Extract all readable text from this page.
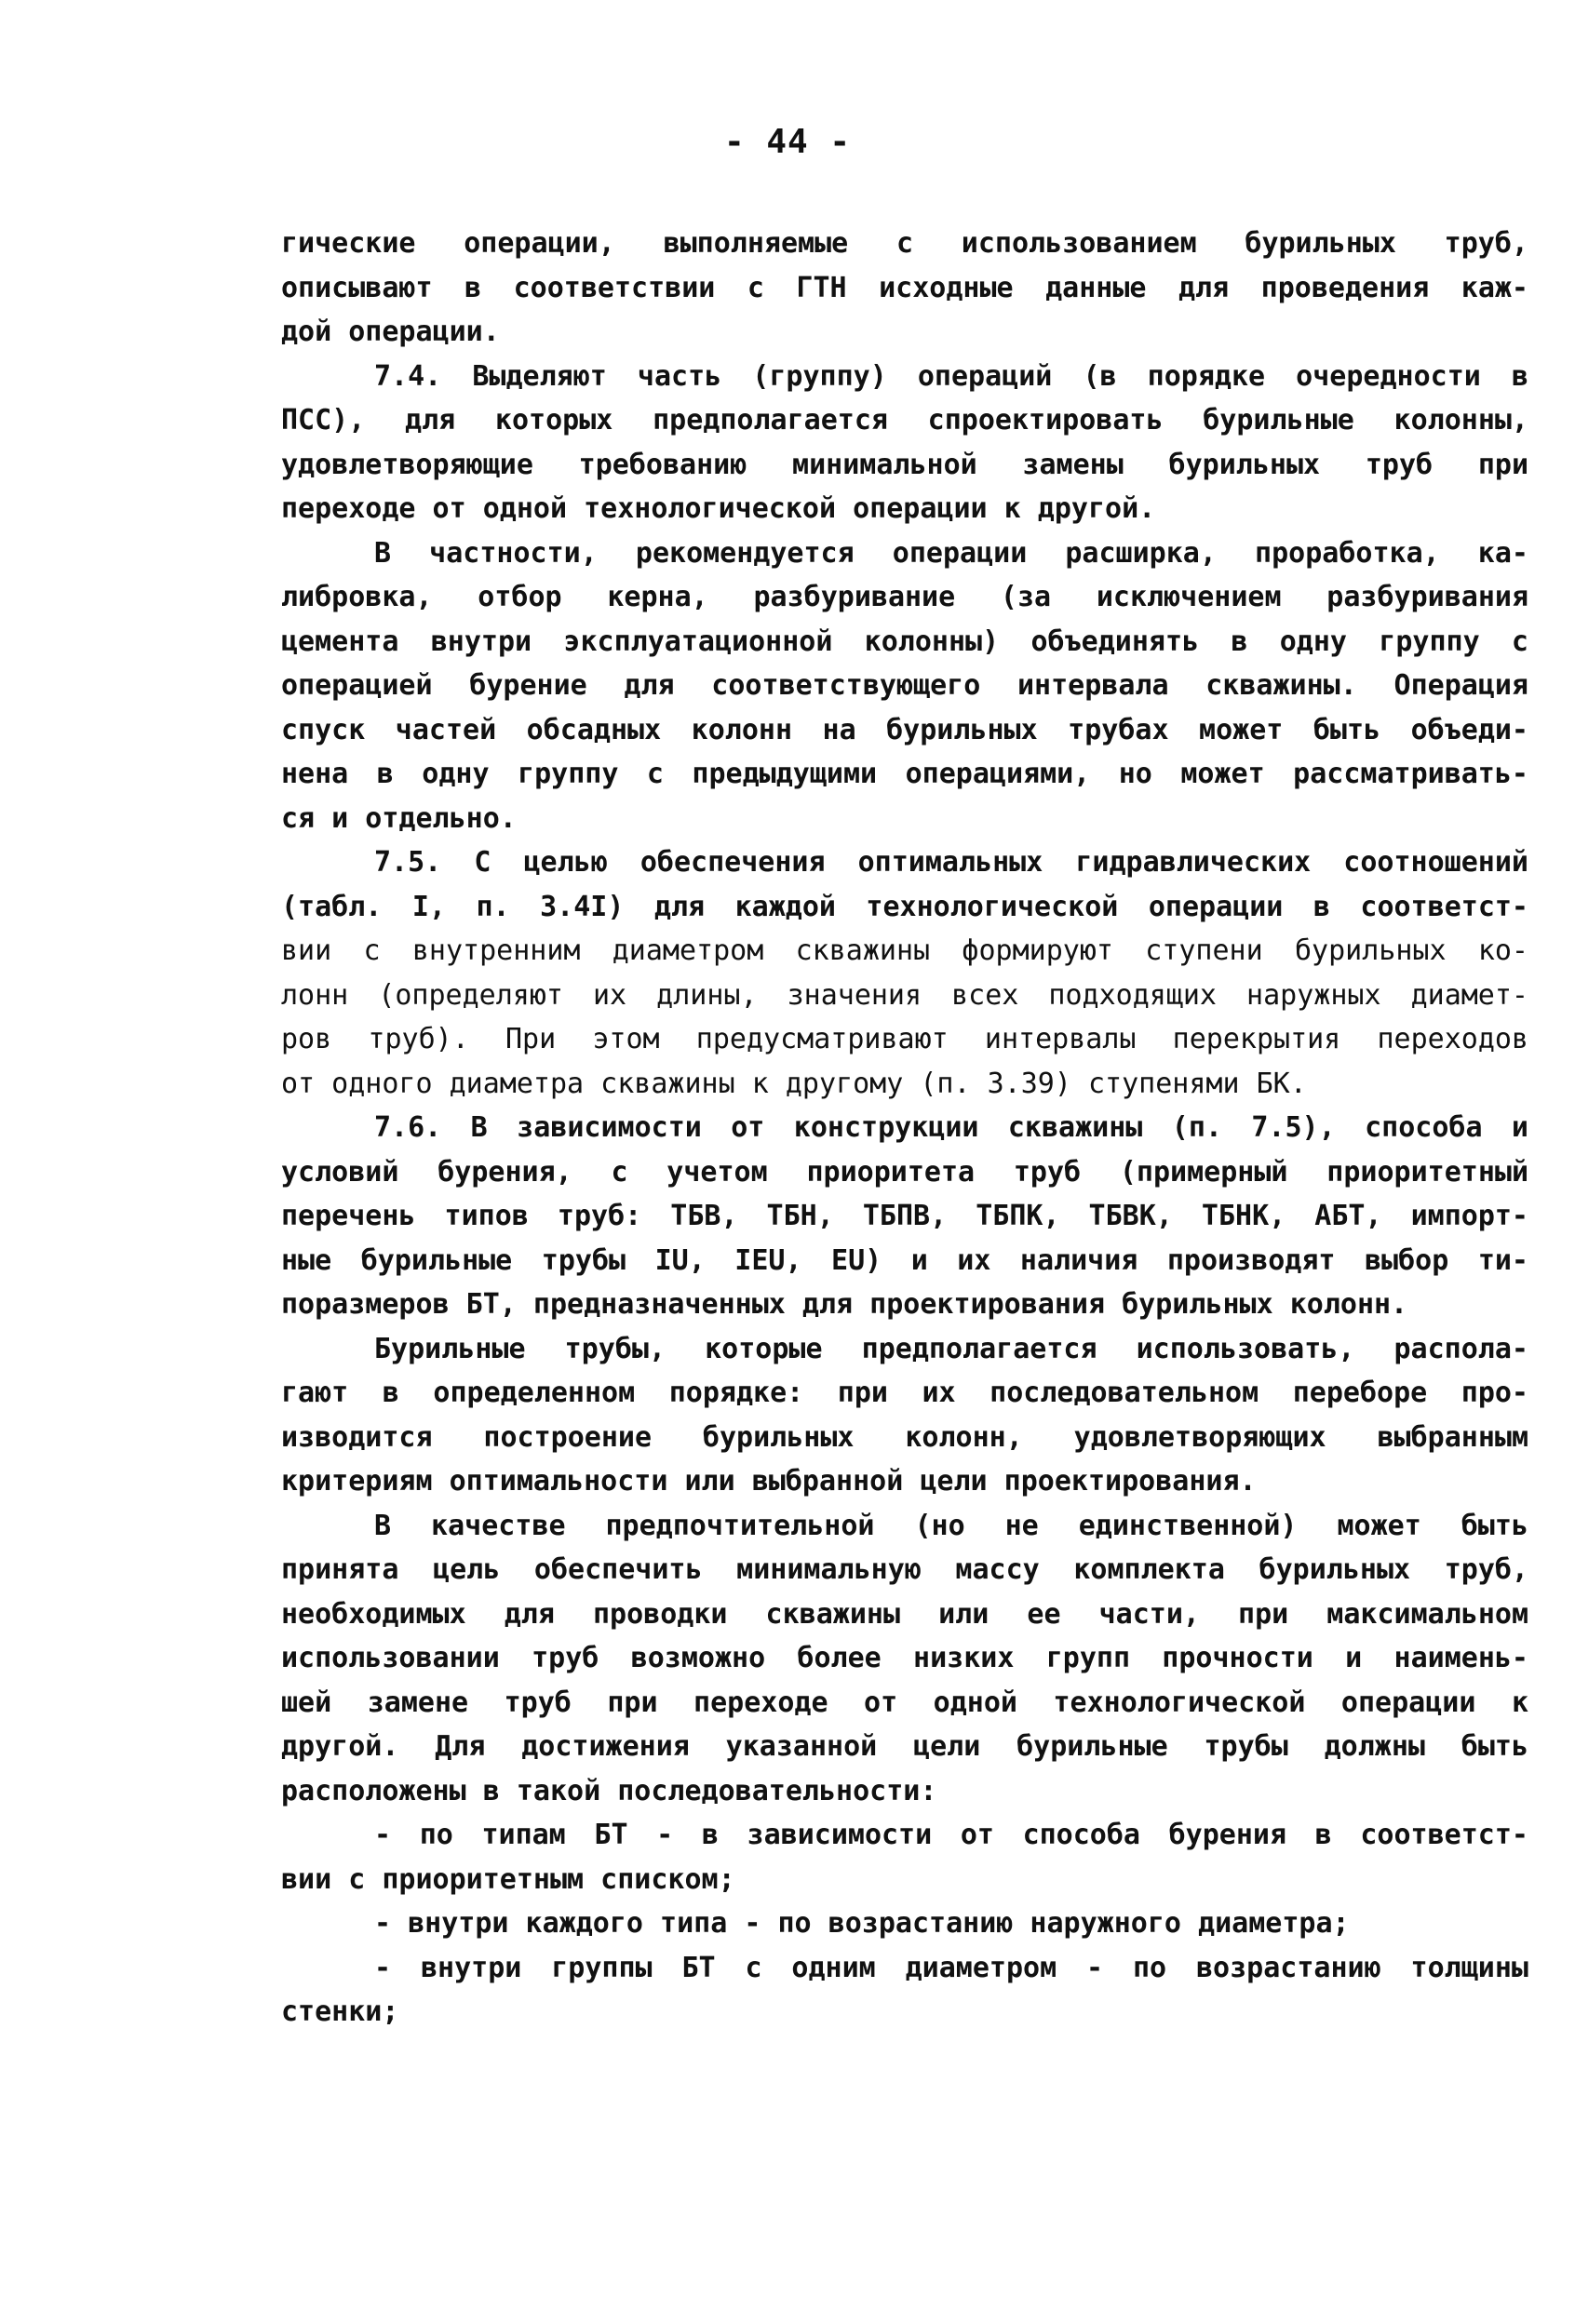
- 44 -
гические операции, выполняемые с использованием бурильных труб,
описывают в соответствии с ГТН исходные данные для проведения каж-
дой операции.
7.4. Выделяют часть (группу) операций (в порядке очередности в
ПСС), для которых предполагается спроектировать бурильные колонны,
удовлетворяющие требованию минимальной замены бурильных труб при
переходе от одной технологической операции к другой.
В частности, рекомендуется операции расширка, проработка, ка-
либровка, отбор керна, разбуривание (за исключением разбуривания
цемента внутри эксплуатационной колонны) объединять в одну группу с
операцией бурение для соответствующего интервала скважины. Операция
спуск частей обсадных колонн на бурильных трубах может быть объеди-
нена в одну группу с предыдущими операциями, но может рассматривать-
ся и отдельно.
7.5. С целью обеспечения оптимальных гидравлических соотношений
(табл. I, п. 3.4I) для каждой технологической операции в соответст-
вии с внутренним диаметром скважины формируют ступени бурильных ко-
лонн (определяют их длины, значения всех подходящих наружных диамет-
ров труб). При этом предусматривают интервалы перекрытия переходов
от одного диаметра скважины к другому (п. 3.39) ступенями БК.
7.6. В зависимости от конструкции скважины (п. 7.5), способа и
условий бурения, с учетом приоритета труб (примерный приоритетный
перечень типов труб: ТБВ, ТБН, ТБПВ, ТБПК, ТБВК, ТБНК, АБТ, импорт-
ные бурильные трубы IU, IEU, EU) и их наличия производят выбор ти-
поразмеров БТ, предназначенных для проектирования бурильных колонн.
Бурильные трубы, которые предполагается использовать, распола-
гают в определенном порядке: при их последовательном переборе про-
изводится построение бурильных колонн, удовлетворяющих выбранным
критериям оптимальности или выбранной цели проектирования.
В качестве предпочтительной (но не единственной) может быть
принята цель обеспечить минимальную массу комплекта бурильных труб,
необходимых для проводки скважины или ее части, при максимальном
использовании труб возможно более низких групп прочности и наимень-
шей замене труб при переходе от одной технологической операции к
другой. Для достижения указанной цели бурильные трубы должны быть
расположены в такой последовательности:
- по типам БТ - в зависимости от способа бурения в соответст-
вии с приоритетным списком;
- внутри каждого типа - по возрастанию наружного диаметра;
- внутри группы БТ с одним диаметром - по возрастанию толщины
стенки;
